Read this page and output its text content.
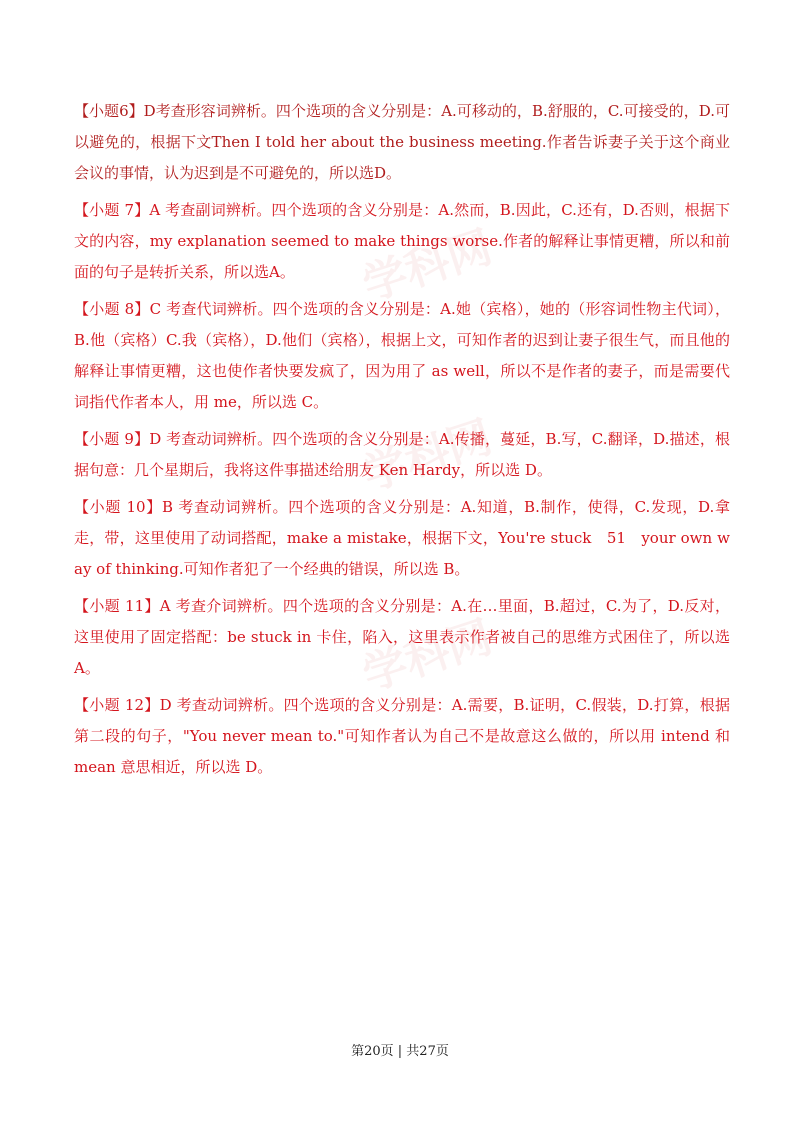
学科网
学科网
学科网

【小题6】D考查形容词辨析。四个选项的含义分别是：A.可移动的，B.舒服的，C.可接受的，D.可以避免的，根据下文Then I told her about the business meeting.作者告诉妻子关于这个商业会议的事情，认为迟到是不可避免的，所以选D。

【小题 7】A 考查副词辨析。四个选项的含义分别是：A.然而，B.因此，C.还有，D.否则，根据下文的内容，my explanation seemed to make things worse.作者的解释让事情更糟，所以和前面的句子是转折关系，所以选A。

【小题 8】C 考查代词辨析。四个选项的含义分别是：A.她（宾格），她的（形容词性物主代词），B.他（宾格）C.我（宾格），D.他们（宾格），根据上文，可知作者的迟到让妻子很生气，而且他的解释让事情更糟，这也使作者快要发疯了，因为用了 as well，所以不是作者的妻子，而是需要代词指代作者本人，用 me，所以选 C。

【小题 9】D 考查动词辨析。四个选项的含义分别是：A.传播，蔓延，B.写，C.翻译，D.描述，根据句意：几个星期后，我将这件事描述给朋友 Ken Hardy，所以选 D。

【小题 10】B 考查动词辨析。四个选项的含义分别是：A.知道，B.制作，使得，C.发现，D.拿走，带，这里使用了动词搭配，make a mistake，根据下文，You're stuck　51　your own way of thinking.可知作者犯了一个经典的错误，所以选 B。

【小题 11】A 考查介词辨析。四个选项的含义分别是：A.在…里面，B.超过，C.为了，D.反对，这里使用了固定搭配：be stuck in 卡住，陷入，这里表示作者被自己的思维方式困住了，所以选 A。

【小题 12】D 考查动词辨析。四个选项的含义分别是：A.需要，B.证明，C.假装，D.打算，根据第二段的句子，"You never mean to."可知作者认为自己不是故意这么做的，所以用 intend 和 mean 意思相近，所以选 D。

第20页 | 共27页
